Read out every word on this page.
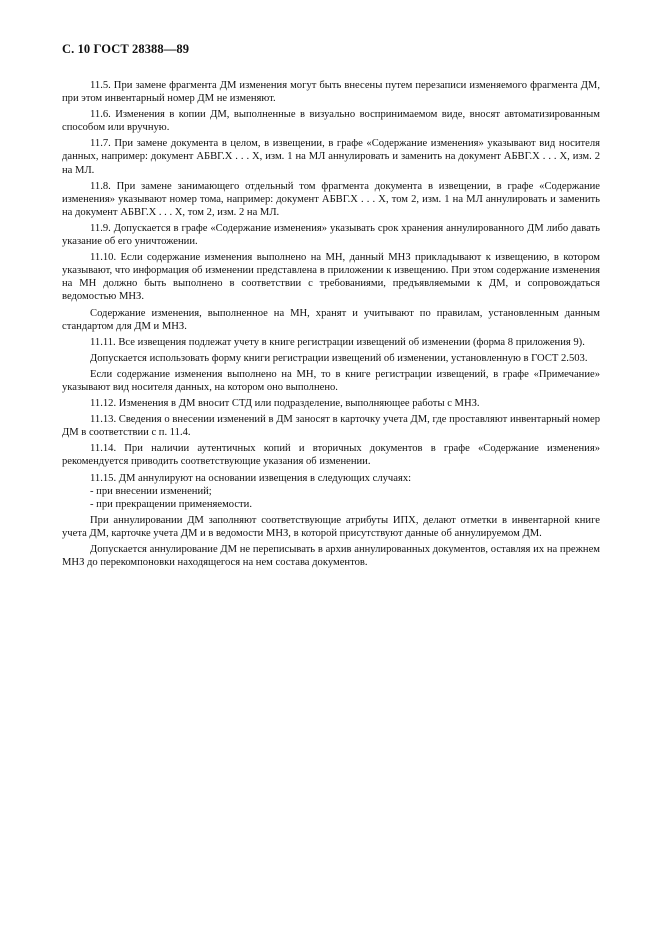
С. 10 ГОСТ 28388—89

11.5. При замене фрагмента ДМ изменения могут быть внесены путем перезаписи изменяемого фрагмента ДМ, при этом инвентарный номер ДМ не изменяют.

11.6. Изменения в копии ДМ, выполненные в визуально воспринимаемом виде, вносят автоматизированным способом или вручную.

11.7. При замене документа в целом, в извещении, в графе «Содержание изменения» указывают вид носителя данных, например: документ АБВГ.Х . . . Х, изм. 1 на МЛ аннулировать и заменить на документ АБВГ.Х . . . Х, изм. 2 на МЛ.

11.8. При замене занимающего отдельный том фрагмента документа в извещении, в графе «Содержание изменения» указывают номер тома, например: документ АБВГ.Х . . . Х, том 2, изм. 1 на МЛ аннулировать и заменить на документ АБВГ.Х . . . Х, том 2, изм. 2 на МЛ.

11.9. Допускается в графе «Содержание изменения» указывать срок хранения аннулированного ДМ либо давать указание об его уничтожении.

11.10. Если содержание изменения выполнено на МН, данный МНЗ прикладывают к извещению, в котором указывают, что информация об изменении представлена в приложении к извещению. При этом содержание изменения на МН должно быть выполнено в соответствии с требованиями, предъявляемыми к ДМ, и сопровождаться ведомостью МНЗ.

Содержание изменения, выполненное на МН, хранят и учитывают по правилам, установленным данным стандартом для ДМ и МНЗ.

11.11. Все извещения подлежат учету в книге регистрации извещений об изменении (форма 8 приложения 9).

Допускается использовать форму книги регистрации извещений об изменении, установленную в ГОСТ 2.503.

Если содержание изменения выполнено на МН, то в книге регистрации извещений, в графе «Примечание» указывают вид носителя данных, на котором оно выполнено.

11.12. Изменения в ДМ вносит СТД или подразделение, выполняющее работы с МНЗ.

11.13. Сведения о внесении изменений в ДМ заносят в карточку учета ДМ, где проставляют инвентарный номер ДМ в соответствии с п. 11.4.

11.14. При наличии аутентичных копий и вторичных документов в графе «Содержание изменения» рекомендуется приводить соответствующие указания об изменении.

11.15. ДМ аннулируют на основании извещения в следующих случаях:

- при внесении изменений;

- при прекращении применяемости.

При аннулировании ДМ заполняют соответствующие атрибуты ИПХ, делают отметки в инвентарной книге учета ДМ, карточке учета ДМ и в ведомости МНЗ, в которой присутствуют данные об аннулируемом ДМ.

Допускается аннулирование ДМ не переписывать в архив аннулированных документов, оставляя их на прежнем МНЗ до перекомпоновки находящегося на нем состава документов.
